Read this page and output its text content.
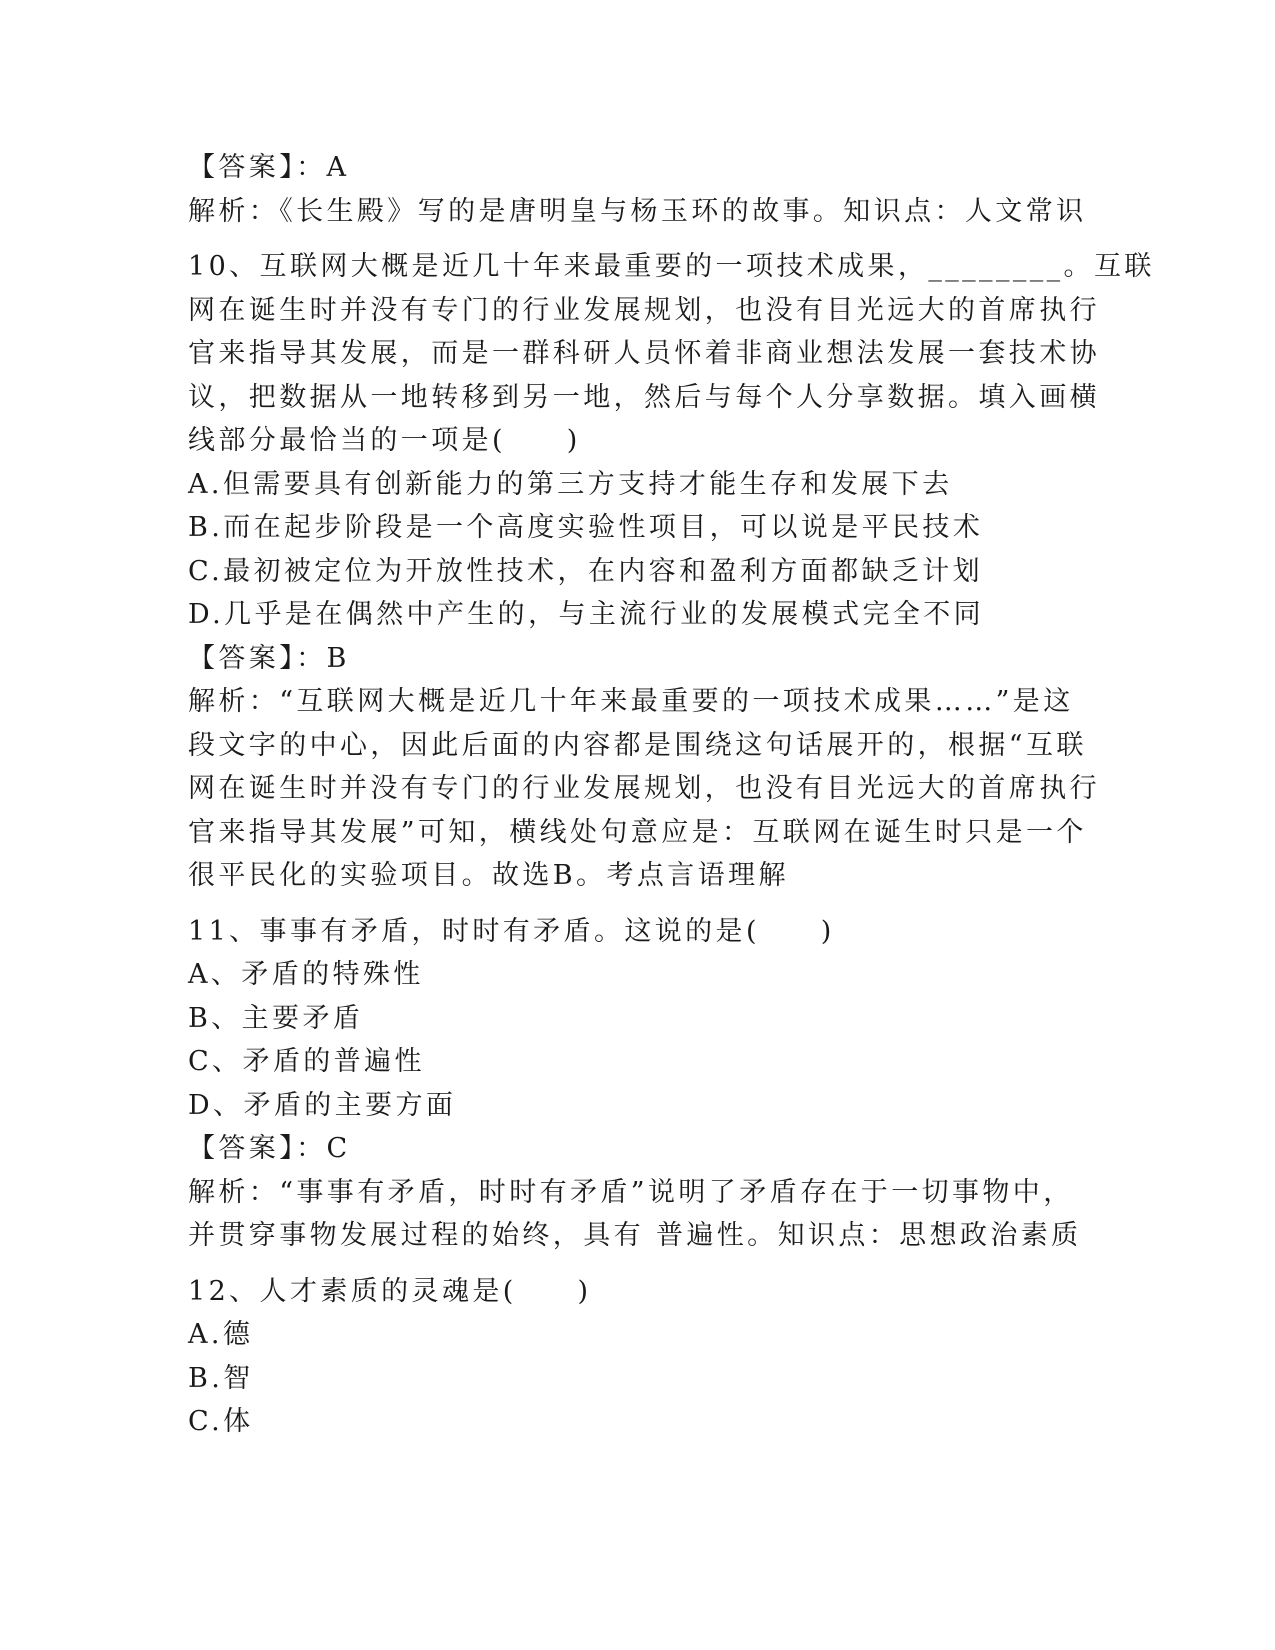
【答案】：A
解析：《长生殿》写的是唐明皇与杨玉环的故事。知识点：人文常识
10、互联网大概是近几十年来最重要的一项技术成果，________。互联
网在诞生时并没有专门的行业发展规划，也没有目光远大的首席执行
官来指导其发展，而是一群科研人员怀着非商业想法发展一套技术协
议，把数据从一地转移到另一地，然后与每个人分享数据。填入画横
线部分最恰当的一项是(　　)
A.但需要具有创新能力的第三方支持才能生存和发展下去
B.而在起步阶段是一个高度实验性项目，可以说是平民技术
C.最初被定位为开放性技术，在内容和盈利方面都缺乏计划
D.几乎是在偶然中产生的，与主流行业的发展模式完全不同
【答案】：B
解析：“互联网大概是近几十年来最重要的一项技术成果……”是这
段文字的中心，因此后面的内容都是围绕这句话展开的，根据“互联
网在诞生时并没有专门的行业发展规划，也没有目光远大的首席执行
官来指导其发展”可知，横线处句意应是：互联网在诞生时只是一个
很平民化的实验项目。故选B。考点言语理解
11、事事有矛盾，时时有矛盾。这说的是(　　)
A、矛盾的特殊性
B、主要矛盾
C、矛盾的普遍性
D、矛盾的主要方面
【答案】：C
解析：“事事有矛盾，时时有矛盾”说明了矛盾存在于一切事物中，
并贯穿事物发展过程的始终，具有 普遍性。知识点：思想政治素质
12、人才素质的灵魂是(　　)
A.德
B.智
C.体
